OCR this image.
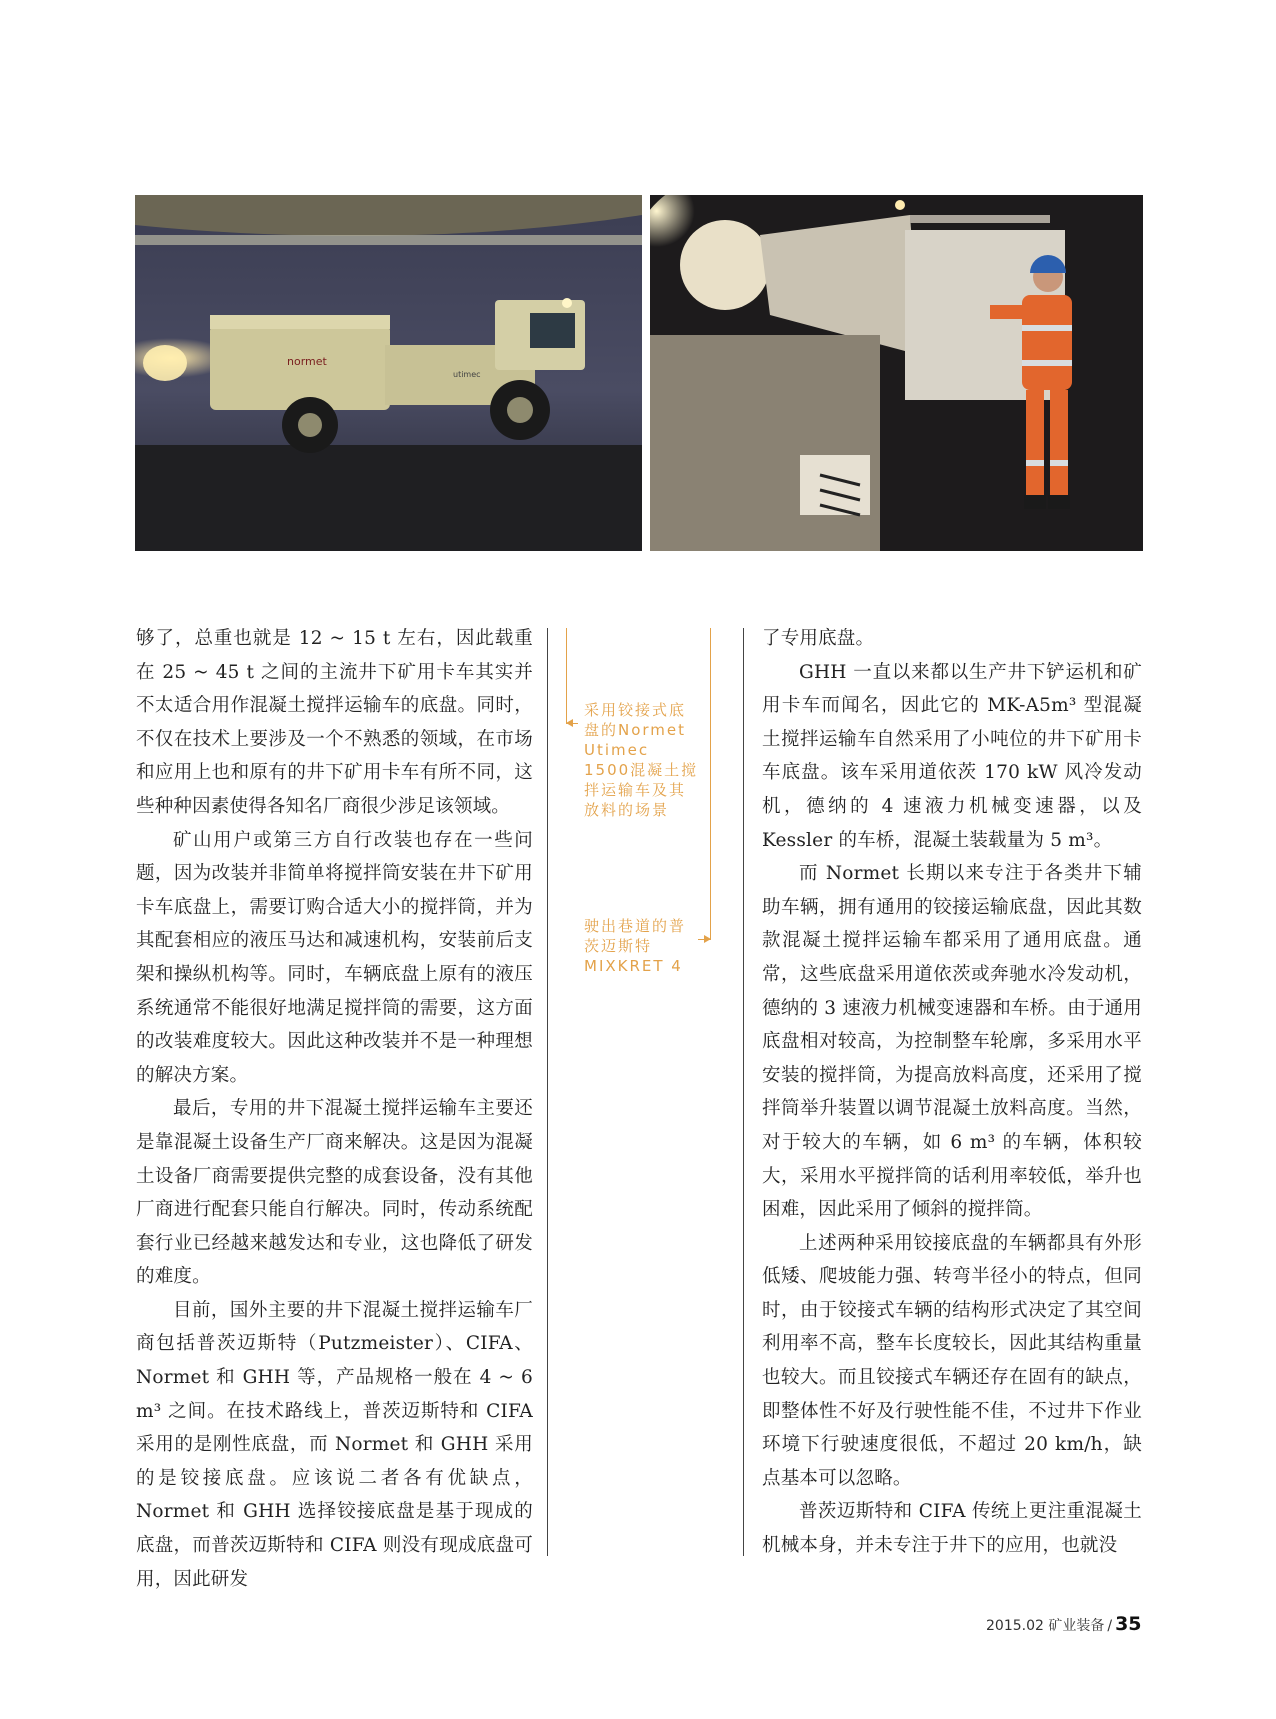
normet
utimec

够了，总重也就是 12 ~ 15 t 左右，因此载重在 25 ~ 45 t 之间的主流井下矿用卡车其实并不太适合用作混凝土搅拌运输车的底盘。同时，不仅在技术上要涉及一个不熟悉的领域，在市场和应用上也和原有的井下矿用卡车有所不同，这些种种因素使得各知名厂商很少涉足该领域。

矿山用户或第三方自行改装也存在一些问题，因为改装并非简单将搅拌筒安装在井下矿用卡车底盘上，需要订购合适大小的搅拌筒，并为其配套相应的液压马达和减速机构，安装前后支架和操纵机构等。同时，车辆底盘上原有的液压系统通常不能很好地满足搅拌筒的需要，这方面的改装难度较大。因此这种改装并不是一种理想的解决方案。

最后，专用的井下混凝土搅拌运输车主要还是靠混凝土设备生产厂商来解决。这是因为混凝土设备厂商需要提供完整的成套设备，没有其他厂商进行配套只能自行解决。同时，传动系统配套行业已经越来越发达和专业，这也降低了研发的难度。

目前，国外主要的井下混凝土搅拌运输车厂商包括普茨迈斯特（Putzmeister）、CIFA、Normet 和 GHH 等，产品规格一般在 4 ~ 6 m³ 之间。在技术路线上，普茨迈斯特和 CIFA 采用的是刚性底盘，而 Normet 和 GHH 采用的是铰接底盘。应该说二者各有优缺点，Normet 和 GHH 选择铰接底盘是基于现成的底盘，而普茨迈斯特和 CIFA 则没有现成底盘可用，因此研发

采用铰接式底盘的Normet Utimec 1500混凝土搅拌运输车及其放料的场景
驶出巷道的普茨迈斯特MIXKRET 4

了专用底盘。

GHH 一直以来都以生产井下铲运机和矿用卡车而闻名，因此它的 MK-A5m³ 型混凝土搅拌运输车自然采用了小吨位的井下矿用卡车底盘。该车采用道依茨 170 kW 风冷发动机，德纳的 4 速液力机械变速器，以及 Kessler 的车桥，混凝土装载量为 5 m³。

而 Normet 长期以来专注于各类井下辅助车辆，拥有通用的铰接运输底盘，因此其数款混凝土搅拌运输车都采用了通用底盘。通常，这些底盘采用道依茨或奔驰水冷发动机，德纳的 3 速液力机械变速器和车桥。由于通用底盘相对较高，为控制整车轮廓，多采用水平安装的搅拌筒，为提高放料高度，还采用了搅拌筒举升装置以调节混凝土放料高度。当然，对于较大的车辆，如 6 m³ 的车辆，体积较大，采用水平搅拌筒的话利用率较低，举升也困难，因此采用了倾斜的搅拌筒。

上述两种采用铰接底盘的车辆都具有外形低矮、爬坡能力强、转弯半径小的特点，但同时，由于铰接式车辆的结构形式决定了其空间利用率不高，整车长度较长，因此其结构重量也较大。而且铰接式车辆还存在固有的缺点，即整体性不好及行驶性能不佳，不过井下作业环境下行驶速度很低，不超过 20 km/h，缺点基本可以忽略。

普茨迈斯特和 CIFA 传统上更注重混凝土机械本身，并未专注于井下的应用，也就没

2015.02 矿业装备 / 35
